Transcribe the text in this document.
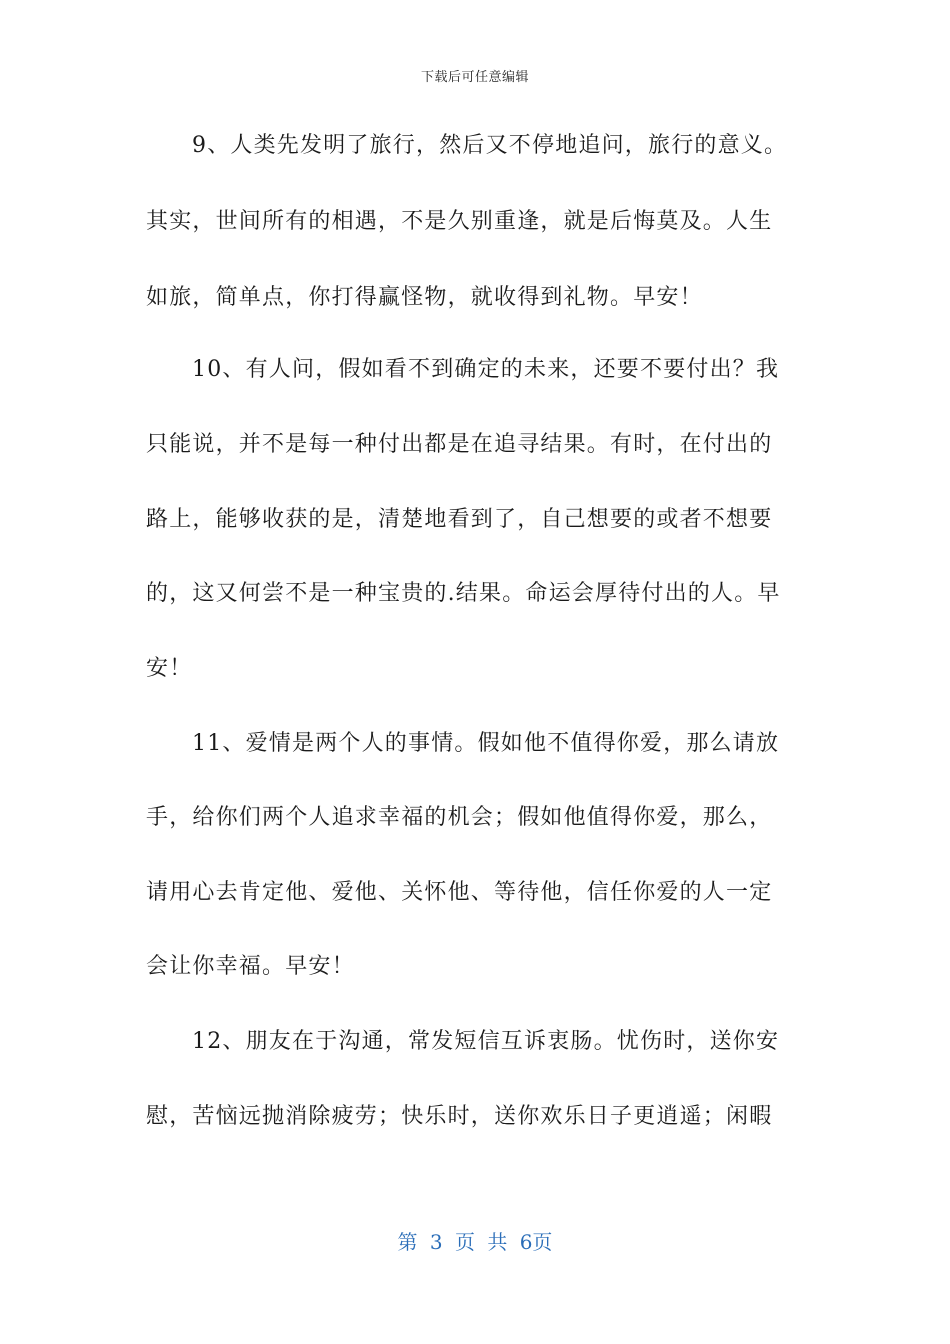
下载后可任意编辑
9、人类先发明了旅行，然后又不停地追问，旅行的意义。
其实，世间所有的相遇，不是久别重逢，就是后悔莫及。人生
如旅，简单点，你打得赢怪物，就收得到礼物。早安！
10、有人问，假如看不到确定的未来，还要不要付出？我
只能说，并不是每一种付出都是在追寻结果。有时，在付出的
路上，能够收获的是，清楚地看到了，自己想要的或者不想要
的，这又何尝不是一种宝贵的.结果。命运会厚待付出的人。早
安！
11、爱情是两个人的事情。假如他不值得你爱，那么请放
手，给你们两个人追求幸福的机会；假如他值得你爱，那么，
请用心去肯定他、爱他、关怀他、等待他，信任你爱的人一定
会让你幸福。早安！
12、朋友在于沟通，常发短信互诉衷肠。忧伤时，送你安
慰，苦恼远抛消除疲劳；快乐时，送你欢乐日子更逍遥；闲暇
第 3 页 共 6页
